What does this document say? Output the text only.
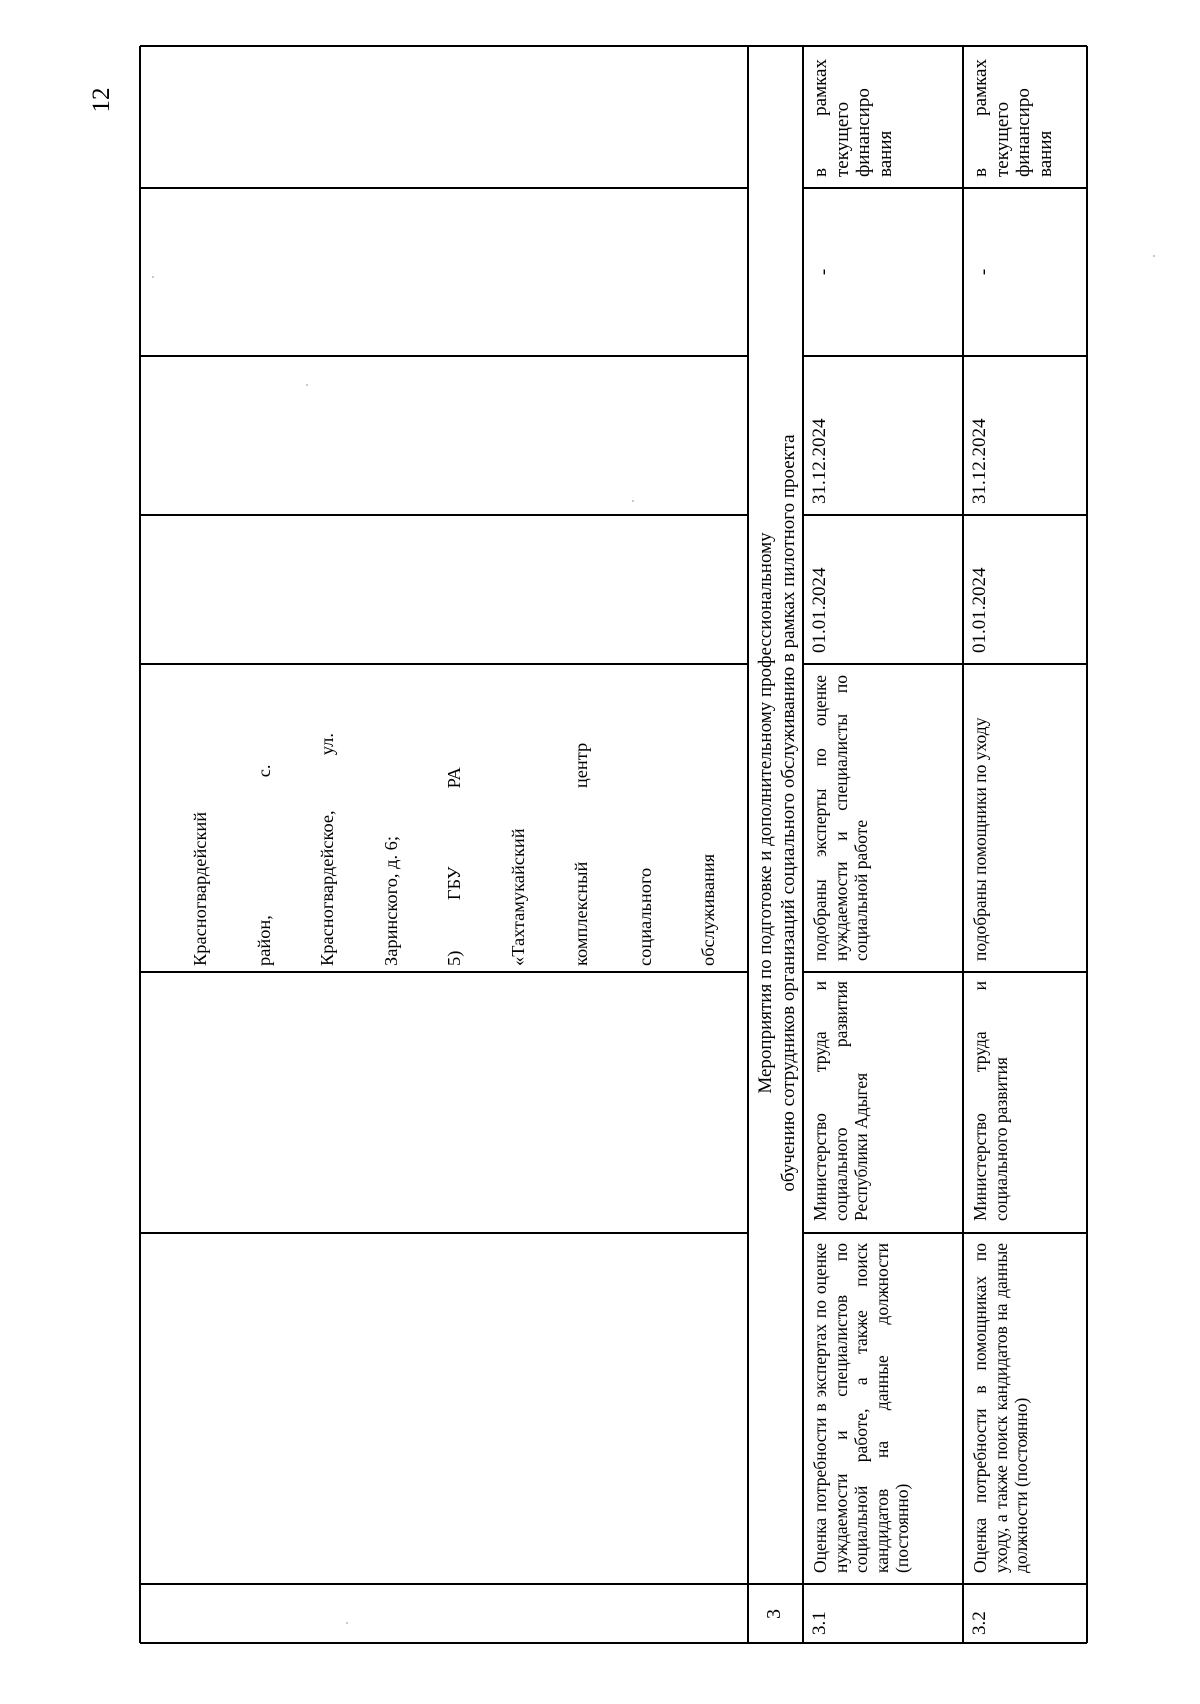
12

Красногвардейский

район,                              с.

Красногвардейское,            ул.

Заринского, д. 6;

5)           ГБУ                 РА

«Тахтамукайский

комплексный                центр

социального

обслуживания

3
Мероприятия по подготовке и дополнительному профессиональному обучению сотрудников организаций социального обслуживанию в рамках пилотного проекта
3.1
Оценка потребности в экспертах по оценке нуждаемости и специалистов по социальной работе, а также поиск кандидатов на данные должности (постоянно)
Министерство труда и социального развития Республики Адыгея
подобраны эксперты по оценке нуждаемости и специалисты по социальной работе
01.01.2024
31.12.2024
-
в рамках текущего финансиро вания
3.2
Оценка потребности в помощниках по уходу, а также поиск кандидатов на данные должности (постоянно)
Министерство труда и социального развития
подобраны помощники по уходу
01.01.2024
31.12.2024
-
в рамках текущего финансиро вания
